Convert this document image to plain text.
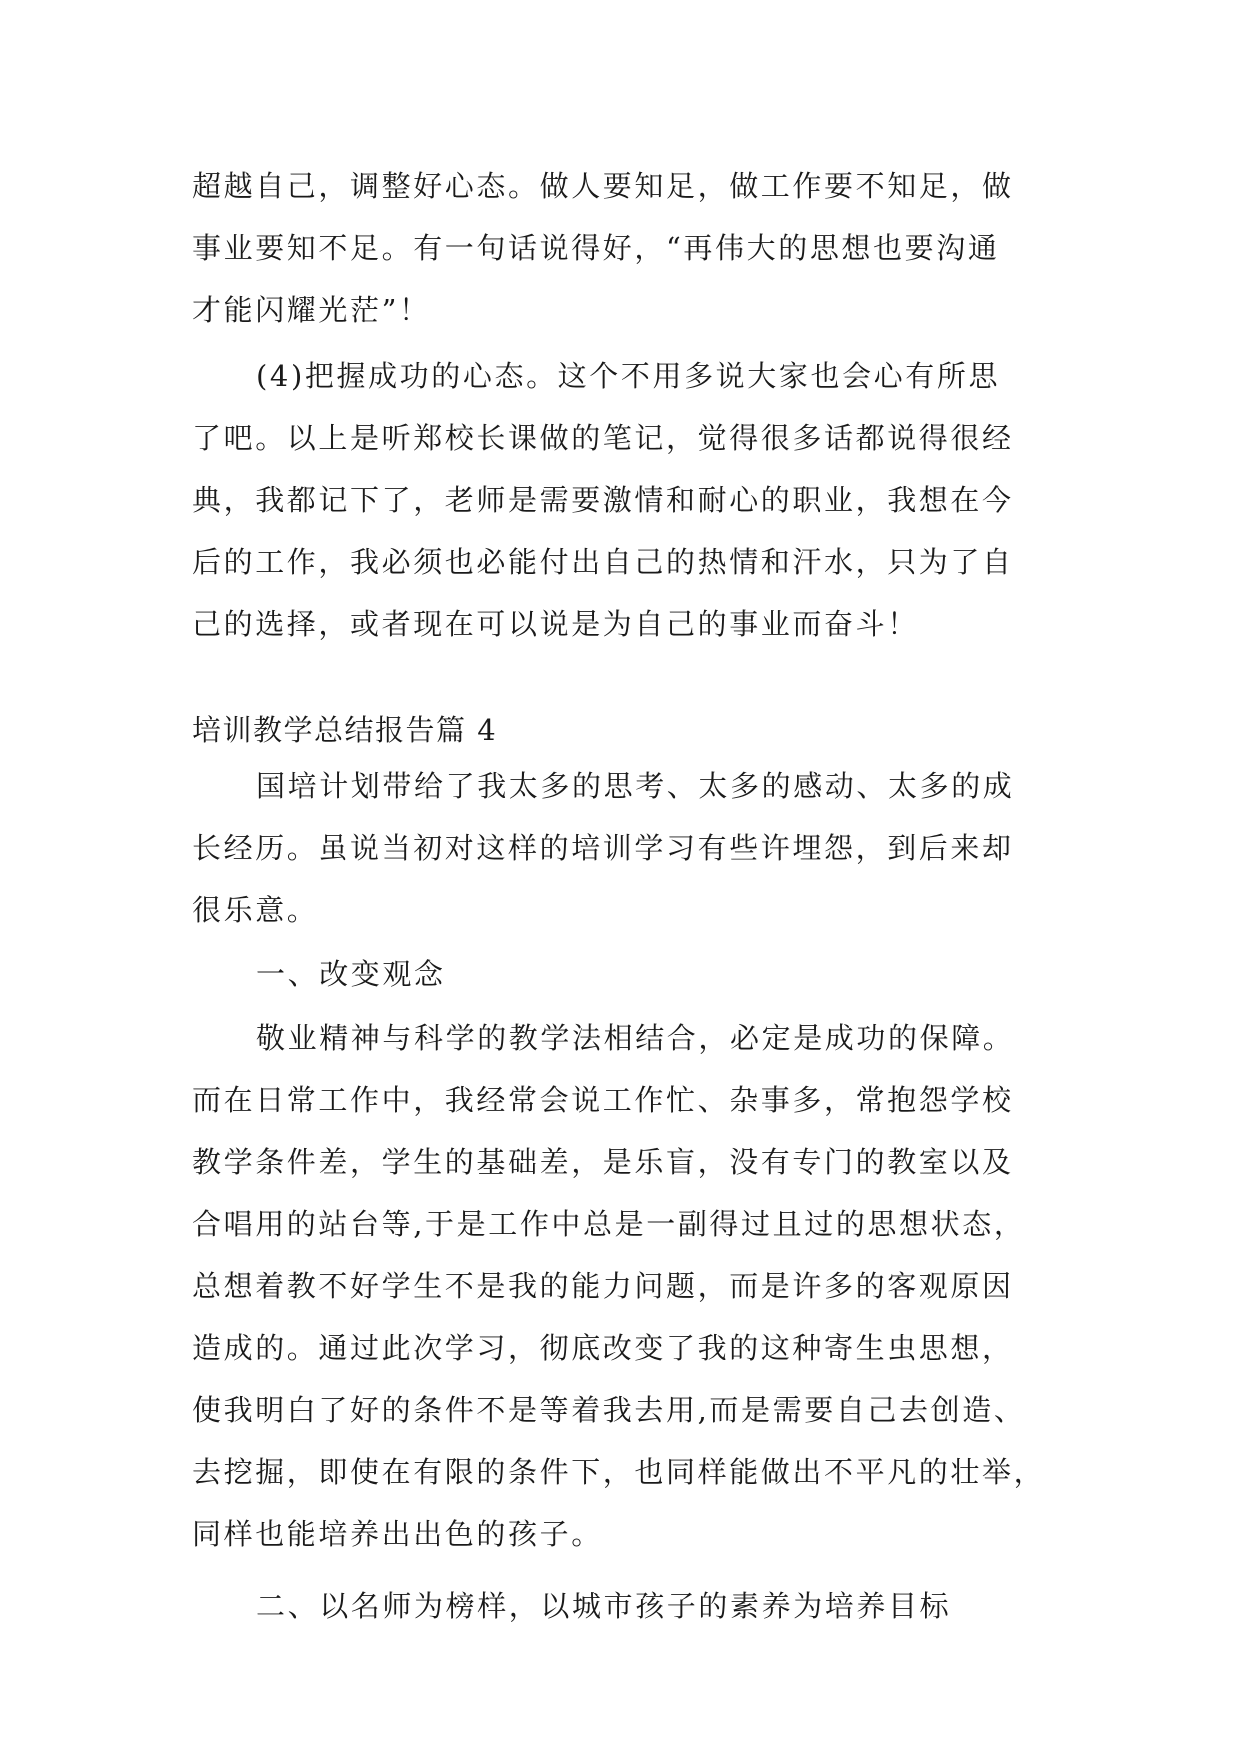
超越自己，调整好心态。做人要知足，做工作要不知足，做
事业要知不足。有一句话说得好，“再伟大的思想也要沟通
才能闪耀光茫”！
(4)把握成功的心态。这个不用多说大家也会心有所思
了吧。以上是听郑校长课做的笔记，觉得很多话都说得很经
典，我都记下了，老师是需要激情和耐心的职业，我想在今
后的工作，我必须也必能付出自己的热情和汗水，只为了自
己的选择，或者现在可以说是为自己的事业而奋斗！
培训教学总结报告篇 4
国培计划带给了我太多的思考、太多的感动、太多的成
长经历。虽说当初对这样的培训学习有些许埋怨，到后来却
很乐意。
一、改变观念
敬业精神与科学的教学法相结合，必定是成功的保障。
而在日常工作中，我经常会说工作忙、杂事多，常抱怨学校
教学条件差，学生的基础差，是乐盲，没有专门的教室以及
合唱用的站台等,于是工作中总是一副得过且过的思想状态，
总想着教不好学生不是我的能力问题，而是许多的客观原因
造成的。通过此次学习，彻底改变了我的这种寄生虫思想，
使我明白了好的条件不是等着我去用,而是需要自己去创造、
去挖掘，即使在有限的条件下，也同样能做出不平凡的壮举，
同样也能培养出出色的孩子。
二、以名师为榜样，以城市孩子的素养为培养目标
